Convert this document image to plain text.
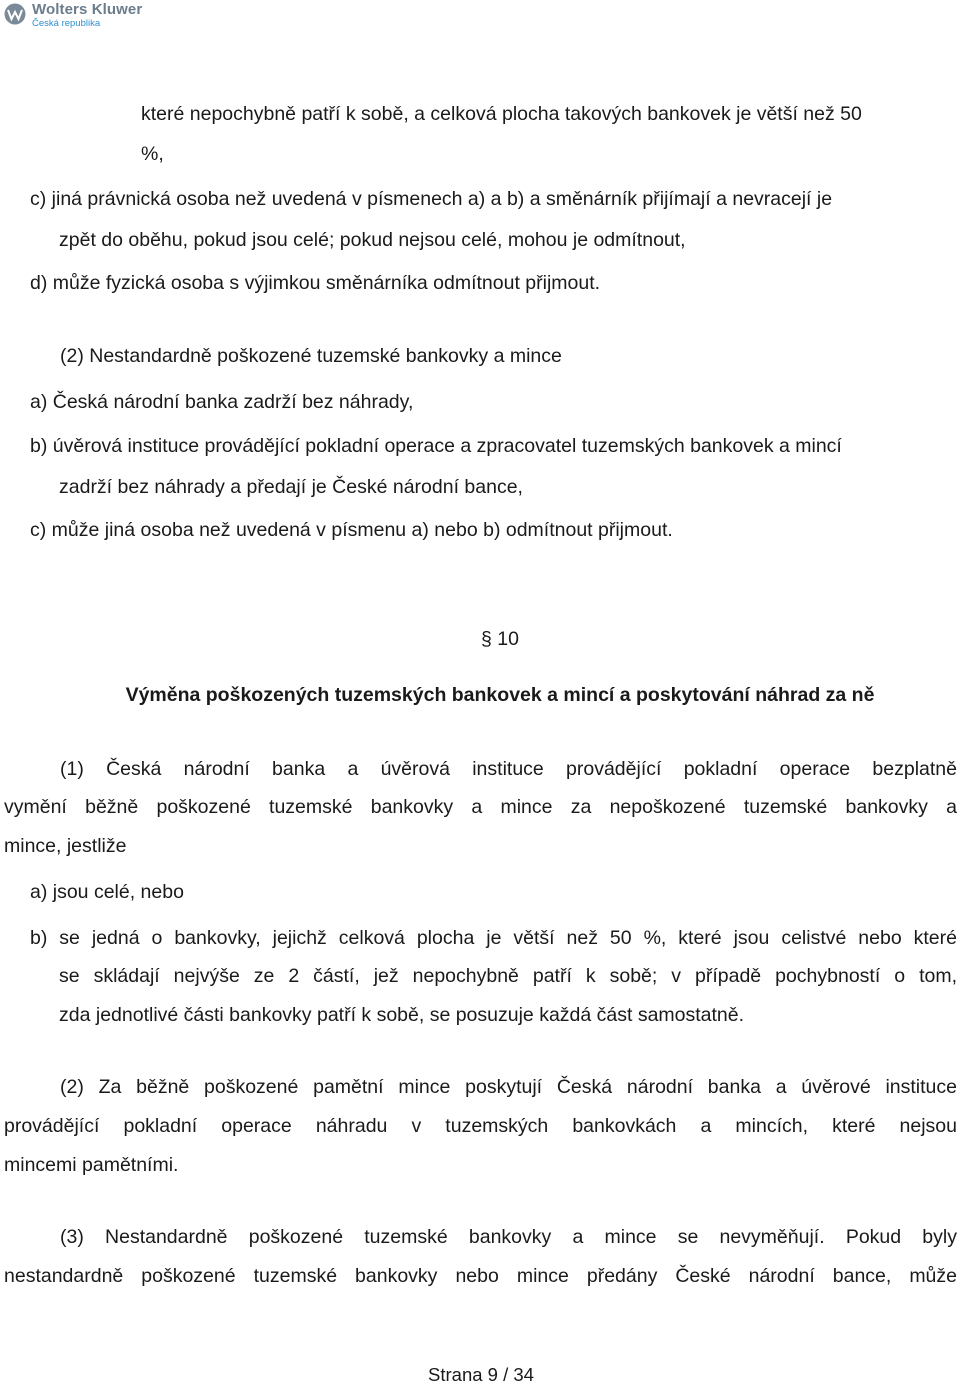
Wolters Kluwer
Česká republika
které nepochybně patří k sobě, a celková plocha takových bankovek je větší než 50
%,
c) jiná právnická osoba než uvedená v písmenech a) a b) a směnárník přijímají a nevracejí je
zpět do oběhu, pokud jsou celé; pokud nejsou celé, mohou je odmítnout,
d) může fyzická osoba s výjimkou směnárníka odmítnout přijmout.
(2) Nestandardně poškozené tuzemské bankovky a mince
a) Česká národní banka zadrží bez náhrady,
b) úvěrová instituce provádějící pokladní operace a zpracovatel tuzemských bankovek a mincí
zadrží bez náhrady a předají je České národní bance,
c) může jiná osoba než uvedená v písmenu a) nebo b) odmítnout přijmout.
§ 10
Výměna poškozených tuzemských bankovek a mincí a poskytování náhrad za ně
(1) Česká národní banka a úvěrová instituce provádějící pokladní operace bezplatně
vymění běžně poškozené tuzemské bankovky a mince za nepoškozené tuzemské bankovky a
mince, jestliže
a) jsou celé, nebo
b) se jedná o bankovky, jejichž celková plocha je větší než 50 %, které jsou celistvé nebo které
se skládají nejvýše ze 2 částí, jež nepochybně patří k sobě; v případě pochybností o tom,
zda jednotlivé části bankovky patří k sobě, se posuzuje každá část samostatně.
(2) Za běžně poškozené pamětní mince poskytují Česká národní banka a úvěrové instituce
provádějící pokladní operace náhradu v tuzemských bankovkách a mincích, které nejsou
mincemi pamětními.
(3) Nestandardně poškozené tuzemské bankovky a mince se nevyměňují. Pokud byly
nestandardně poškozené tuzemské bankovky nebo mince předány České národní bance, může
Strana 9 / 34
